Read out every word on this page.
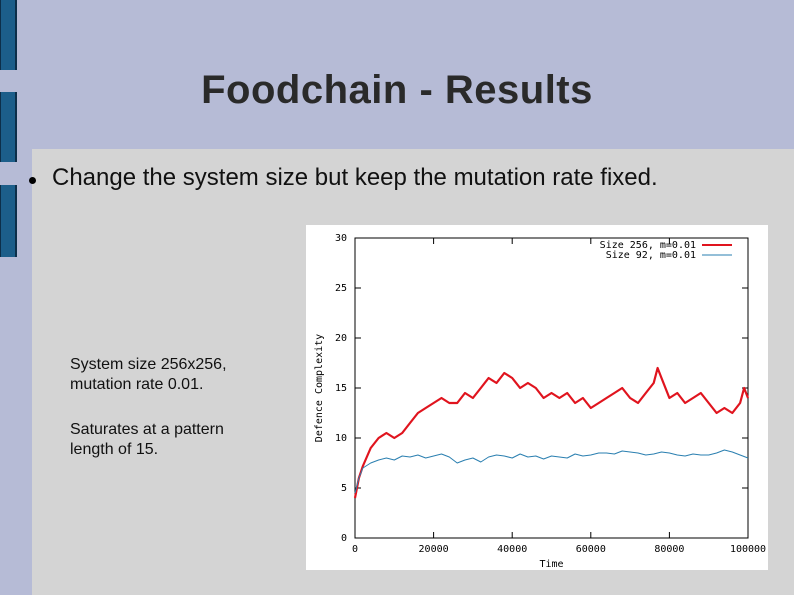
Foodchain - Results
Change the system size but keep the mutation rate fixed.
System size 256x256,
mutation rate 0.01.
Saturates at a pattern
length of 15.
0
5
10
15
20
25
30
0	20000	40000	60000	80000	100000
Time
Defence Complexity
Size 256, m=0.01
Size 92, m=0.01
